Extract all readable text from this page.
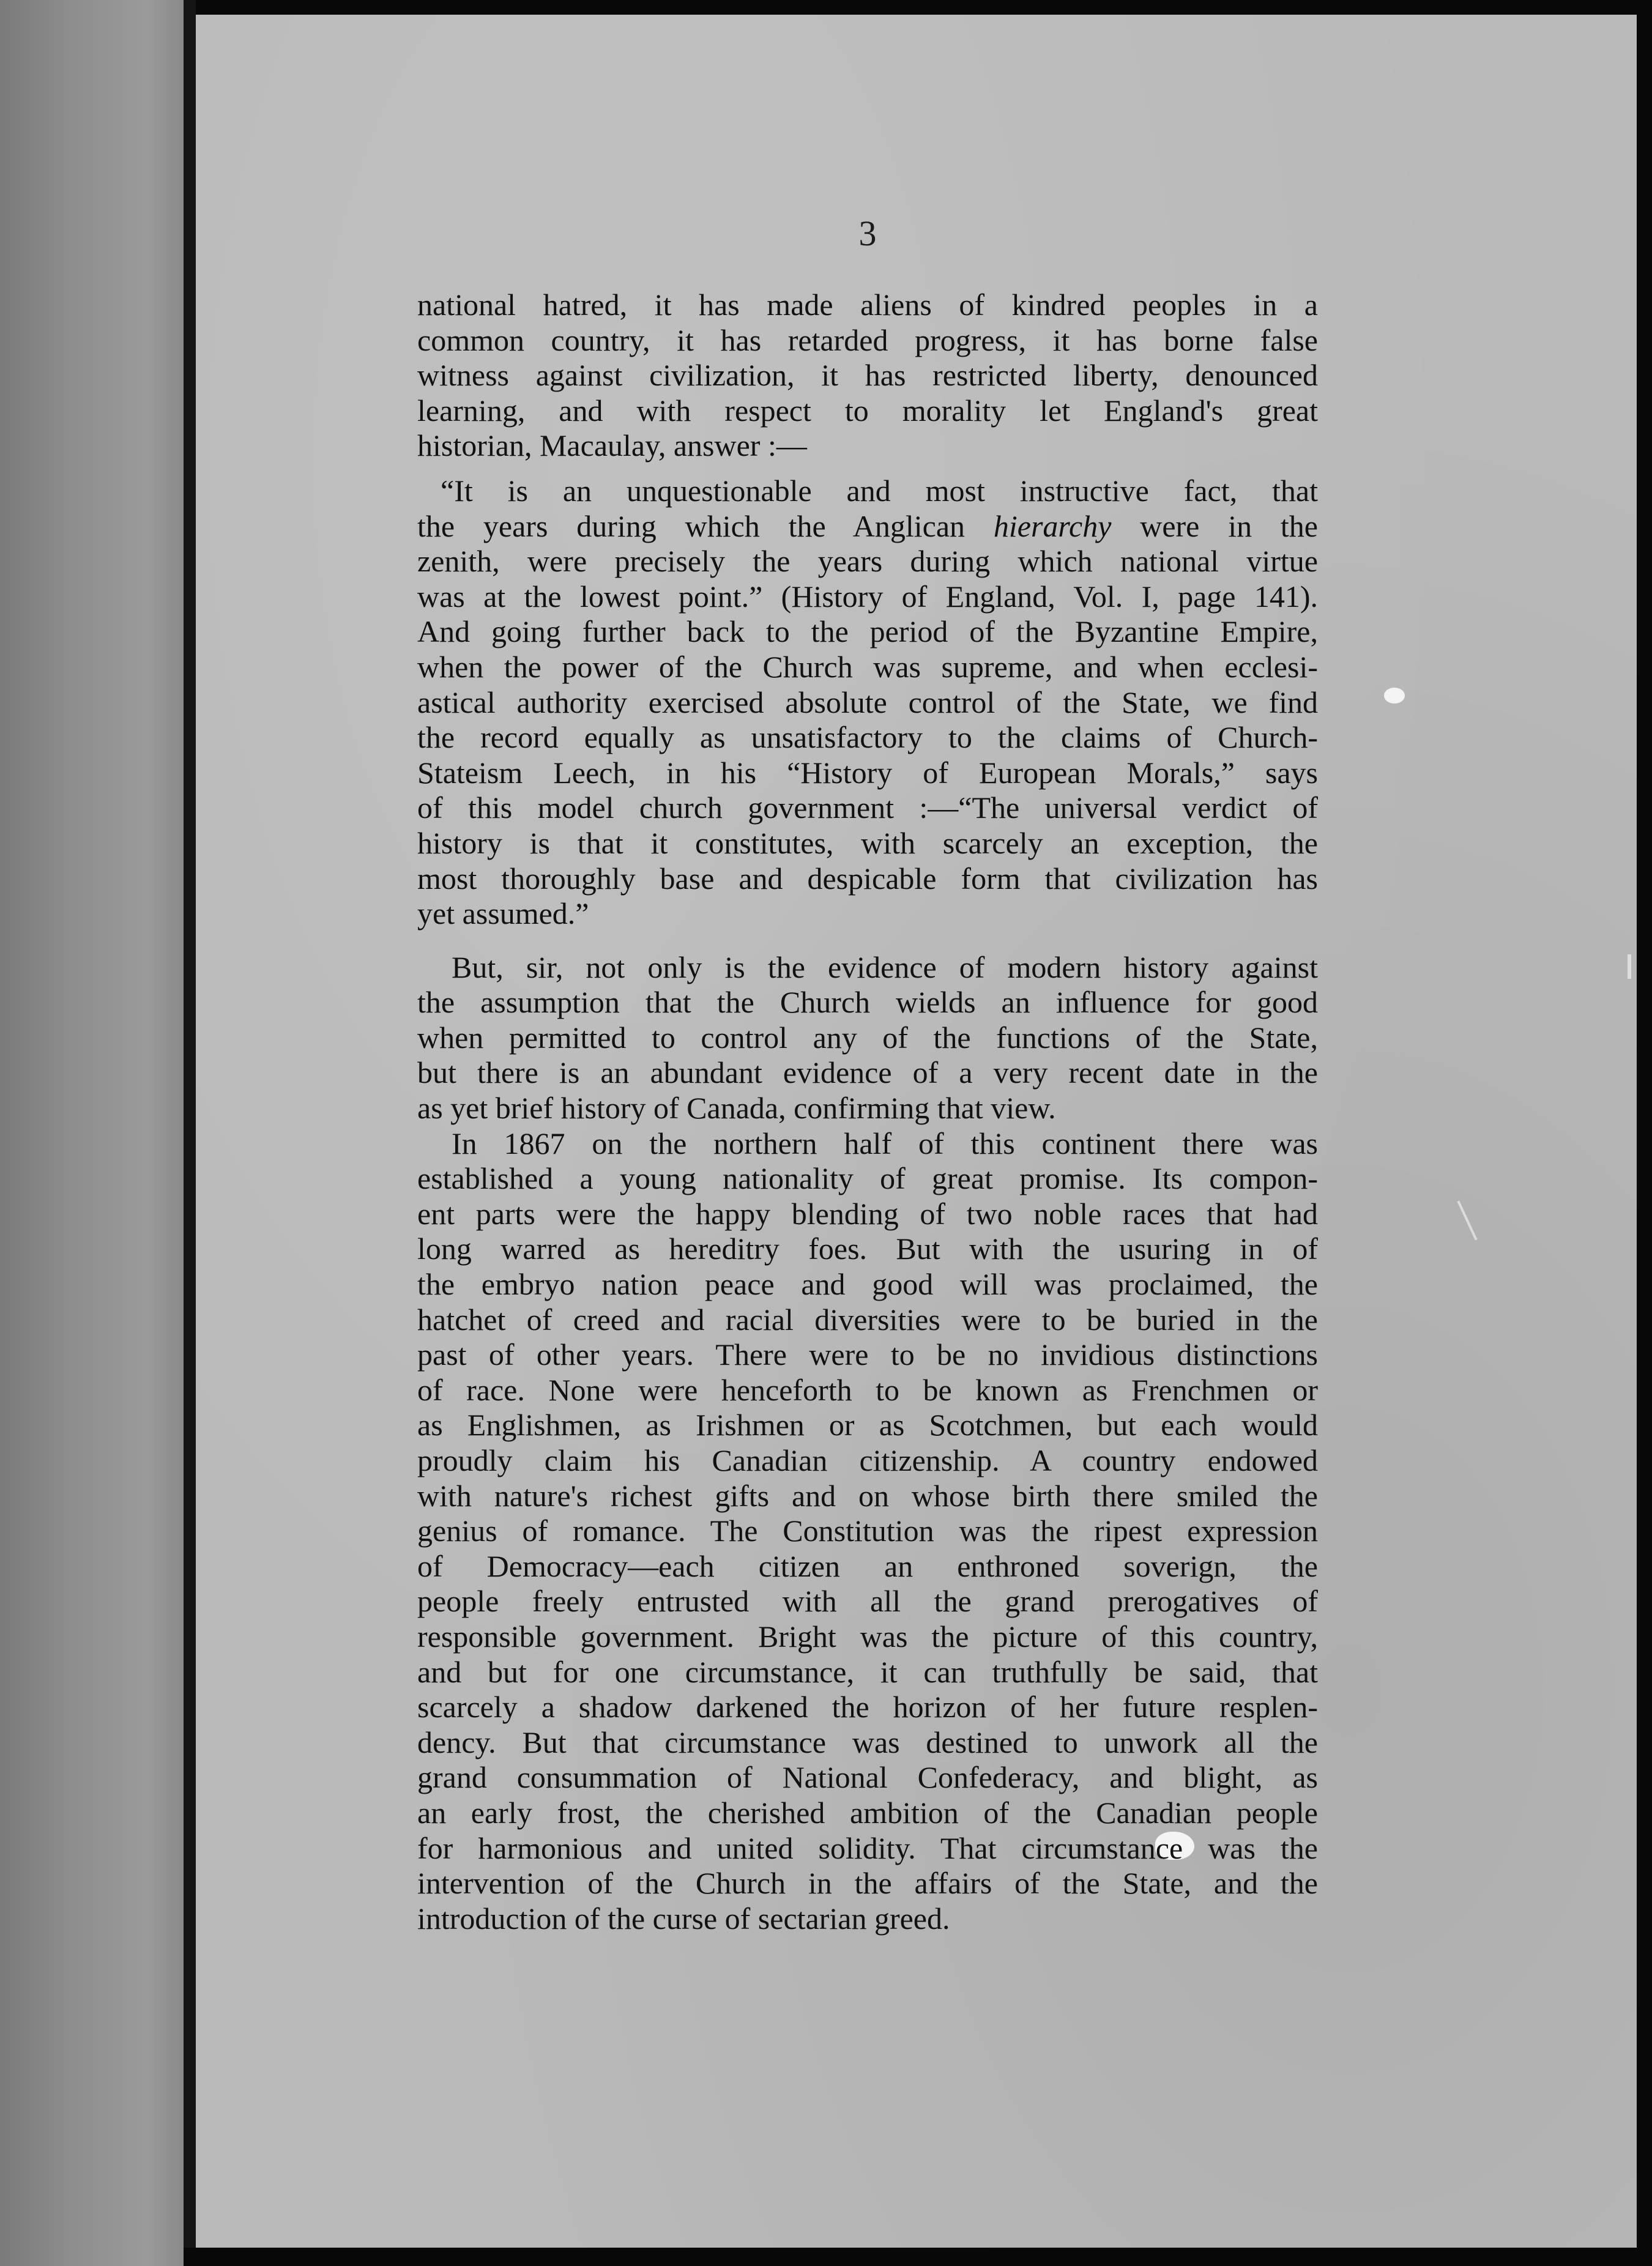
3
national hatred, it has made aliens of kindred peoples in a
common country, it has retarded progress, it has borne false
witness against civilization, it has restricted liberty, denounced
learning, and with respect to morality let England's great
historian, Macaulay, answer :—
“It is an unquestionable and most instructive fact, that
the years during which the Anglican hierarchy were in the
zenith, were precisely the years during which national virtue
was at the lowest point.” (History of England, Vol. I, page 141).
And going further back to the period of the Byzantine Empire,
when the power of the Church was supreme, and when ecclesi-
astical authority exercised absolute control of the State, we find
the record equally as unsatisfactory to the claims of Church-
Stateism Leech, in his “History of European Morals,” says
of this model church government :—“The universal verdict of
history is that it constitutes, with scarcely an exception, the
most thoroughly base and despicable form that civilization has
yet assumed.”
But, sir, not only is the evidence of modern history against
the assumption that the Church wields an influence for good
when permitted to control any of the functions of the State,
but there is an abundant evidence of a very recent date in the
as yet brief history of Canada, confirming that view.
In 1867 on the northern half of this continent there was
established a young nationality of great promise. Its compon-
ent parts were the happy blending of two noble races that had
long warred as hereditry foes. But with the usuring in of
the embryo nation peace and good will was proclaimed, the
hatchet of creed and racial diversities were to be buried in the
past of other years. There were to be no invidious distinctions
of race. None were henceforth to be known as Frenchmen or
as Englishmen, as Irishmen or as Scotchmen, but each would
proudly claim his Canadian citizenship. A country endowed
with nature's richest gifts and on whose birth there smiled the
genius of romance. The Constitution was the ripest expression
of Democracy—each citizen an enthroned soverign, the
people freely entrusted with all the grand prerogatives of
responsible government. Bright was the picture of this country,
and but for one circumstance, it can truthfully be said, that
scarcely a shadow darkened the horizon of her future resplen-
dency. But that circumstance was destined to unwork all the
grand consummation of National Confederacy, and blight, as
an early frost, the cherished ambition of the Canadian people
for harmonious and united solidity. That circumstance was the
intervention of the Church in the affairs of the State, and the
introduction of the curse of sectarian greed.
